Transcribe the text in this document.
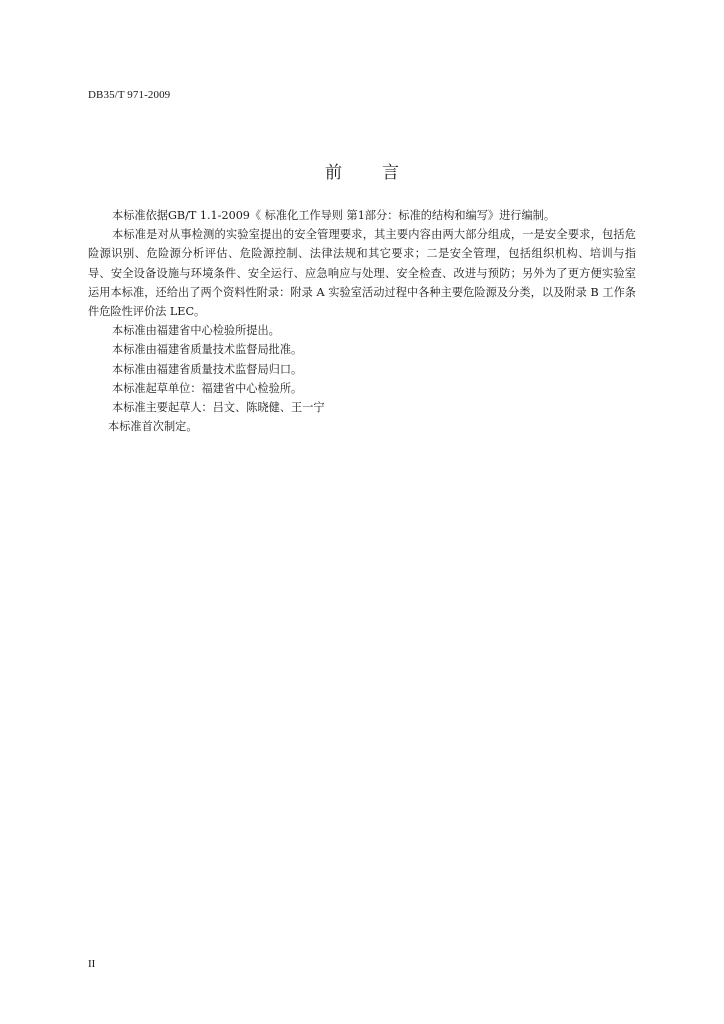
DB35/T 971-2009
前 言

本标准依据GB/T 1.1-2009《 标准化工作导则 第1部分：标准的结构和编写》进行编制。

本标准是对从事检测的实验室提出的安全管理要求，其主要内容由两大部分组成，一是安全要求，包括危险源识别、危险源分析评估、危险源控制、法律法规和其它要求；二是安全管理，包括组织机构、培训与指导、安全设备设施与环境条件、安全运行、应急响应与处理、安全检查、改进与预防；另外为了更方便实验室运用本标准，还给出了两个资料性附录：附录 A 实验室活动过程中各种主要危险源及分类，以及附录 B 工作条件危险性评价法 LEC。

本标准由福建省中心检验所提出。

本标准由福建省质量技术监督局批准。

本标准由福建省质量技术监督局归口。

本标准起草单位：福建省中心检验所。

本标准主要起草人：吕文、陈晓健、王一宁

本标准首次制定。

II
